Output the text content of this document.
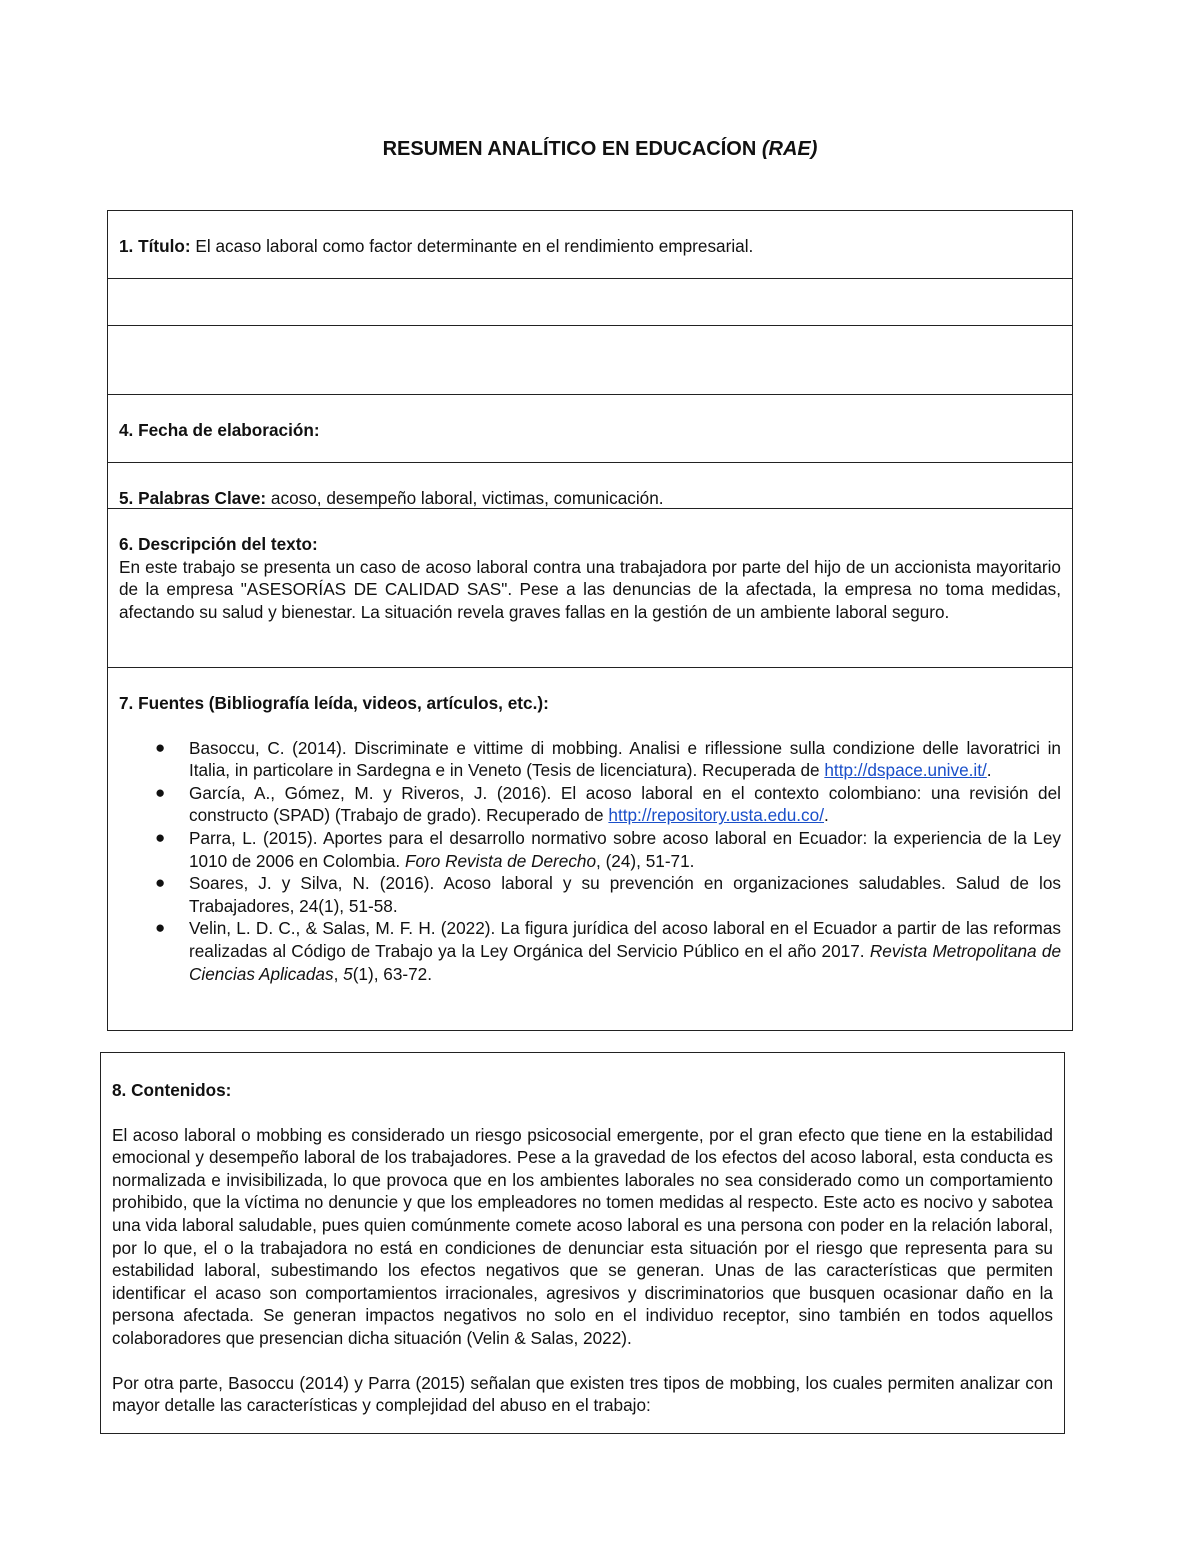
RESUMEN ANALÍTICO EN EDUCACÍON (RAE)
1. Título: El acaso laboral como factor determinante en el rendimiento empresarial.
4. Fecha de elaboración:
5. Palabras Clave: acoso, desempeño laboral, victimas, comunicación.
6. Descripción del texto:
En este trabajo se presenta un caso de acoso laboral contra una trabajadora por parte del hijo de un accionista mayoritario de la empresa "ASESORÍAS DE CALIDAD SAS". Pese a las denuncias de la afectada, la empresa no toma medidas, afectando su salud y bienestar. La situación revela graves fallas en la gestión de un ambiente laboral seguro.
7. Fuentes (Bibliografía leída, videos, artículos, etc.):
● Basoccu, C. (2014). Discriminate e vittime di mobbing. Analisi e riflessione sulla condizione delle lavoratrici in Italia, in particolare in Sardegna e in Veneto (Tesis de licenciatura). Recuperada de http://dspace.unive.it/.
● García, A., Gómez, M. y Riveros, J. (2016). El acoso laboral en el contexto colombiano: una revisión del constructo (SPAD) (Trabajo de grado). Recuperado de http://repository.usta.edu.co/.
● Parra, L. (2015). Aportes para el desarrollo normativo sobre acoso laboral en Ecuador: la experiencia de la Ley 1010 de 2006 en Colombia. Foro Revista de Derecho, (24), 51-71.
● Soares, J. y Silva, N. (2016). Acoso laboral y su prevención en organizaciones saludables. Salud de los Trabajadores, 24(1), 51-58.
● Velin, L. D. C., & Salas, M. F. H. (2022). La figura jurídica del acoso laboral en el Ecuador a partir de las reformas realizadas al Código de Trabajo ya la Ley Orgánica del Servicio Público en el año 2017. Revista Metropolitana de Ciencias Aplicadas, 5(1), 63-72.
8. Contenidos:
El acoso laboral o mobbing es considerado un riesgo psicosocial emergente, por el gran efecto que tiene en la estabilidad emocional y desempeño laboral de los trabajadores. Pese a la gravedad de los efectos del acoso laboral, esta conducta es normalizada e invisibilizada, lo que provoca que en los ambientes laborales no sea considerado como un comportamiento prohibido, que la víctima no denuncie y que los empleadores no tomen medidas al respecto. Este acto es nocivo y sabotea una vida laboral saludable, pues quien comúnmente comete acoso laboral es una persona con poder en la relación laboral, por lo que, el o la trabajadora no está en condiciones de denunciar esta situación por el riesgo que representa para su estabilidad laboral, subestimando los efectos negativos que se generan. Unas de las características que permiten identificar el acaso son comportamientos irracionales, agresivos y discriminatorios que busquen ocasionar daño en la persona afectada. Se generan impactos negativos no solo en el individuo receptor, sino también en todos aquellos colaboradores que presencian dicha situación (Velin & Salas, 2022).
Por otra parte, Basoccu (2014) y Parra (2015) señalan que existen tres tipos de mobbing, los cuales permiten analizar con mayor detalle las características y complejidad del abuso en el trabajo:
